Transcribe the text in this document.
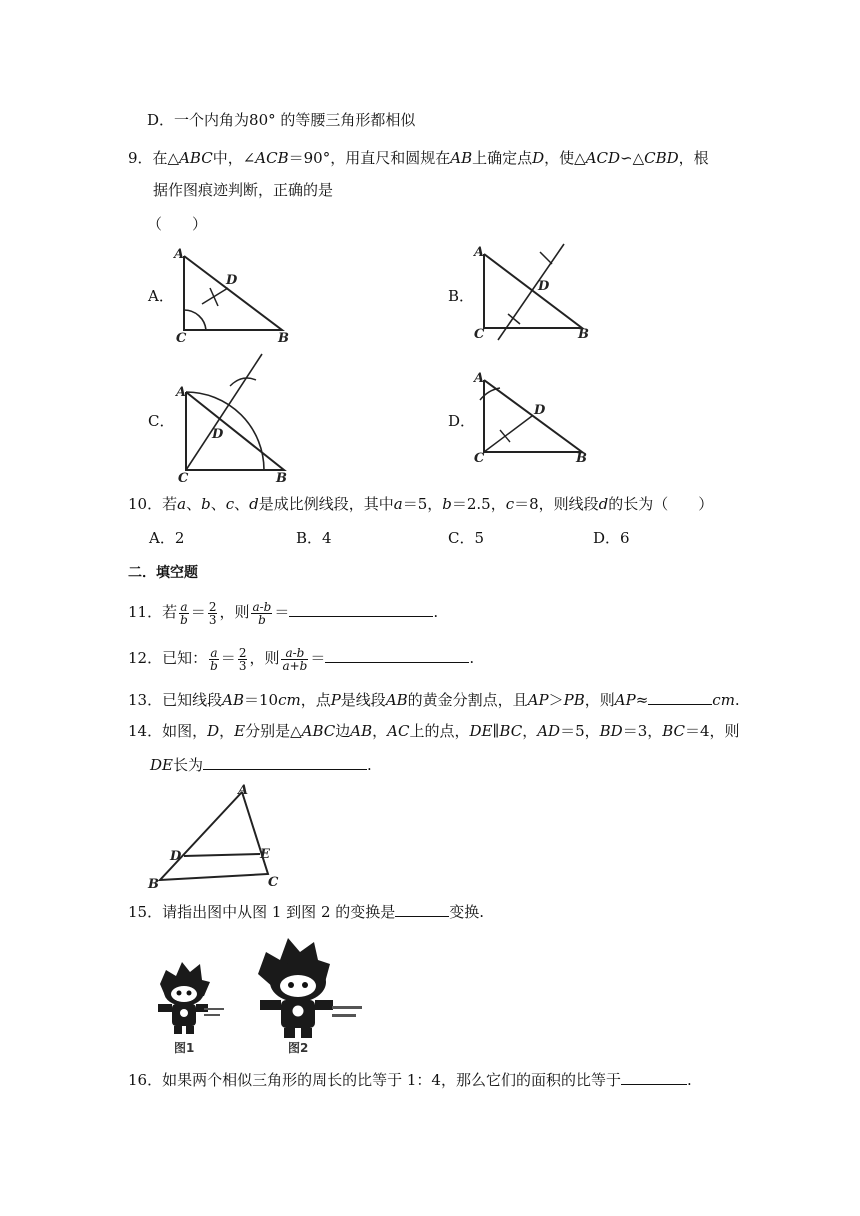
D．一个内角为80° 的等腰三角形都相似
9．在△ABC中，∠ACB＝90°，用直尺和圆规在AB上确定点D，使△ACD∽△CBD，根
据作图痕迹判断，正确的是
（　　）
A．	B．
C．	D．
A
C	B
D
A
C	B
D
A
C	B
D
A
C	B
D
10．若a、b、c、d是成比例线段，其中a＝5，b＝2.5，c＝8，则线段d的长为（　　）
A．2	B．4	C．5	D．6
二．填空题
11．若 $\frac{a}{b} = \frac{2}{3}$ ，则 $\frac{a-b}{b}$ ＝	.
12．已知： $\frac{a}{b} = \frac{2}{3}$ ，则 $\frac{a-b}{a+b}$ ＝	.
13．已知线段AB＝10cm，点P是线段AB的黄金分割点，且AP＞PB，则AP≈	cm.
14．如图，D，E分别是△ABC边AB，AC上的点，DE∥BC，AD＝5，BD＝3，BC＝4，则
DE长为	.
A
B	C
D	E
15．请指出图中从图 1 到图 2 的变换是	变换.
图1	图2
16．如果两个相似三角形的周长的比等于 1：4，那么它们的面积的比等于	.
